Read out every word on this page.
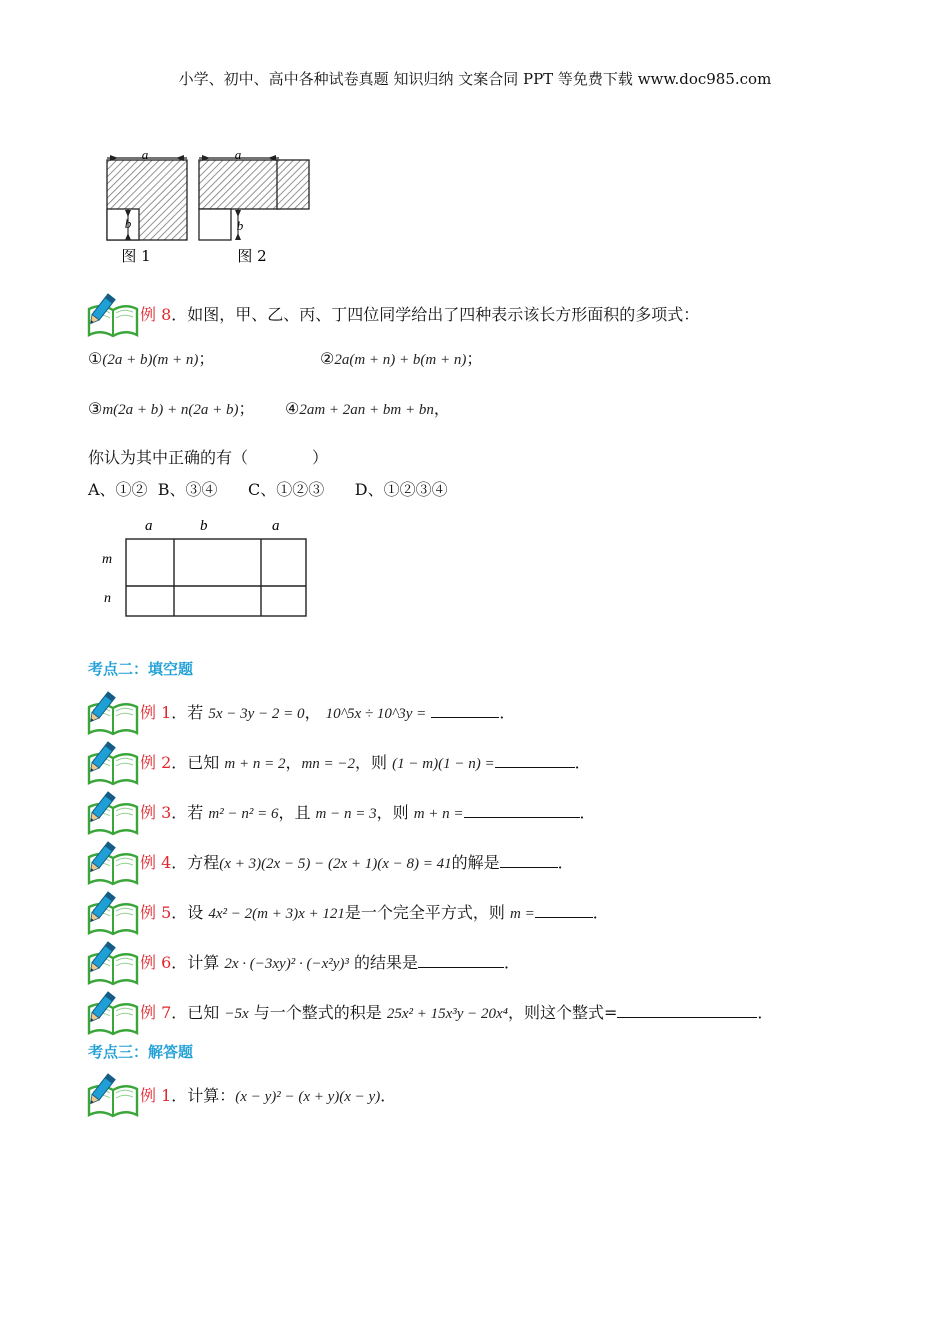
小学、初中、高中各种试卷真题 知识归纳 文案合同 PPT 等免费下载 www.doc985.com
a
b
图 1
a
b
图 2
例 8．如图，甲、乙、丙、丁四位同学给出了四种表示该长方形面积的多项式：
①(2a + b)(m + n)；	②2a(m + n) + b(m + n)；
③m(2a + b) + n(2a + b)； ④2am + 2an + bm + bn，
你认为其中正确的有（　　　　）
A、①②  B、③④      C、①②③      D、①②③④
a	b	a
m
n
考点二：填空题
例 1．若 5x − 3y − 2 = 0， 10^5x ÷ 10^3y =	．
例 2．已知 m + n = 2，mn = −2，则 (1 − m)(1 − n) =	．
例 3．若 m² − n² = 6，且 m − n = 3，则 m + n =	．
例 4．方程(x + 3)(2x − 5) − (2x + 1)(x − 8) = 41的解是	．
例 5．设 4x² − 2(m + 3)x + 121是一个完全平方式，则 m =	．
例 6．计算 2x · (−3xy)² · (−x²y)³ 的结果是	．
例 7．已知 −5x 与一个整式的积是 25x² + 15x³y − 20x⁴，则这个整式=	．
考点三：解答题
例 1．计算：(x − y)² − (x + y)(x − y)．
